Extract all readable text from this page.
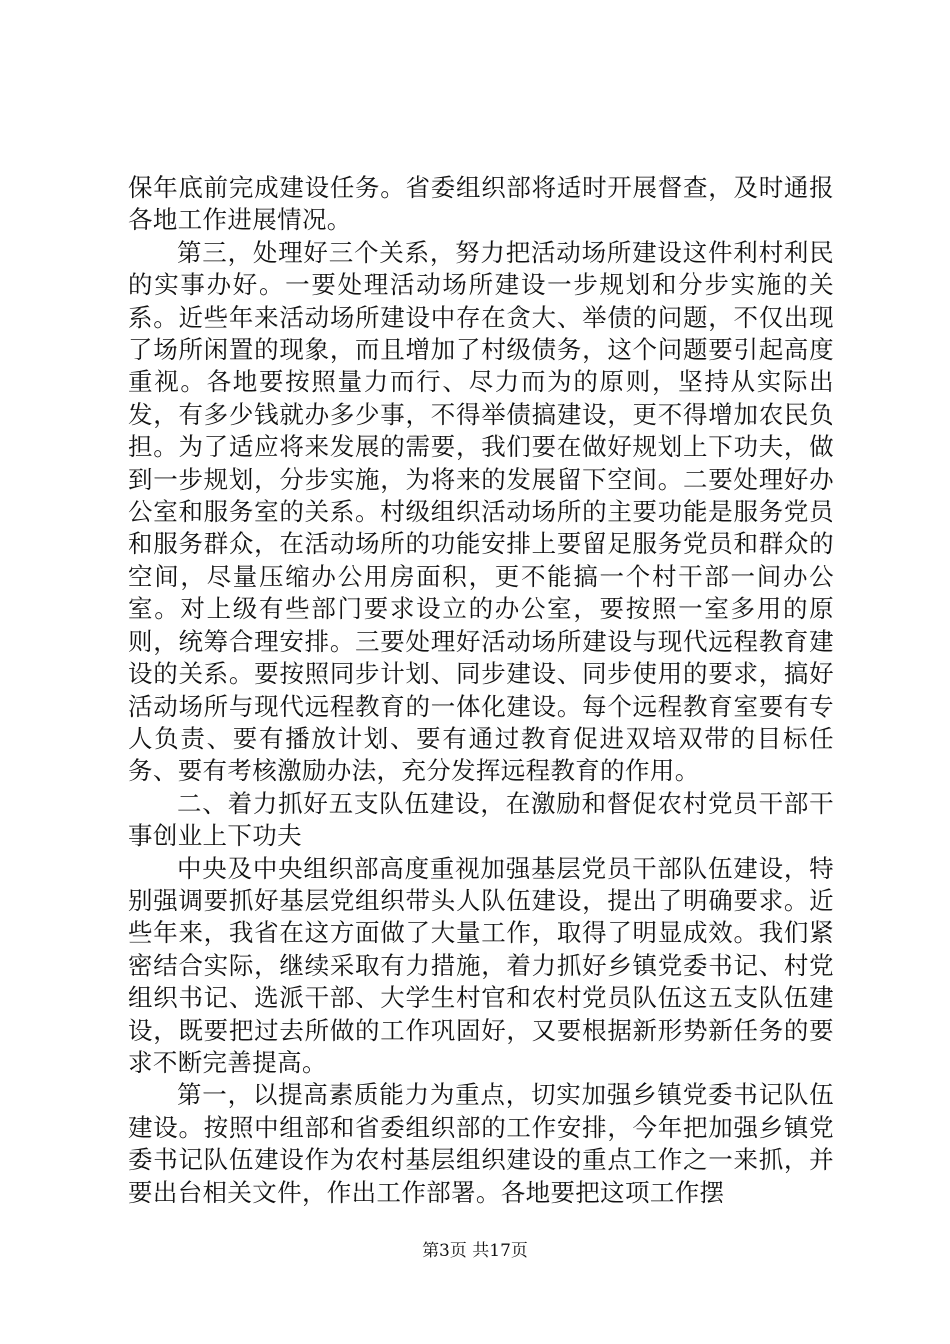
保年底前完成建设任务。省委组织部将适时开展督查，及时通报各地工作进展情况。

第三，处理好三个关系，努力把活动场所建设这件利村利民的实事办好。一要处理活动场所建设一步规划和分步实施的关系。近些年来活动场所建设中存在贪大、举债的问题，不仅出现了场所闲置的现象，而且增加了村级债务，这个问题要引起高度重视。各地要按照量力而行、尽力而为的原则，坚持从实际出发，有多少钱就办多少事，不得举债搞建设，更不得增加农民负担。为了适应将来发展的需要，我们要在做好规划上下功夫，做到一步规划，分步实施，为将来的发展留下空间。二要处理好办公室和服务室的关系。村级组织活动场所的主要功能是服务党员和服务群众，在活动场所的功能安排上要留足服务党员和群众的空间，尽量压缩办公用房面积，更不能搞一个村干部一间办公室。对上级有些部门要求设立的办公室，要按照一室多用的原则，统筹合理安排。三要处理好活动场所建设与现代远程教育建设的关系。要按照同步计划、同步建设、同步使用的要求，搞好活动场所与现代远程教育的一体化建设。每个远程教育室要有专人负责、要有播放计划、要有通过教育促进双培双带的目标任务、要有考核激励办法，充分发挥远程教育的作用。

二、着力抓好五支队伍建设，在激励和督促农村党员干部干事创业上下功夫

中央及中央组织部高度重视加强基层党员干部队伍建设，特别强调要抓好基层党组织带头人队伍建设，提出了明确要求。近些年来，我省在这方面做了大量工作，取得了明显成效。我们紧密结合实际，继续采取有力措施，着力抓好乡镇党委书记、村党组织书记、选派干部、大学生村官和农村党员队伍这五支队伍建设，既要把过去所做的工作巩固好，又要根据新形势新任务的要求不断完善提高。

第一，以提高素质能力为重点，切实加强乡镇党委书记队伍建设。按照中组部和省委组织部的工作安排，今年把加强乡镇党委书记队伍建设作为农村基层组织建设的重点工作之一来抓，并要出台相关文件，作出工作部署。各地要把这项工作摆

第3页 共17页
